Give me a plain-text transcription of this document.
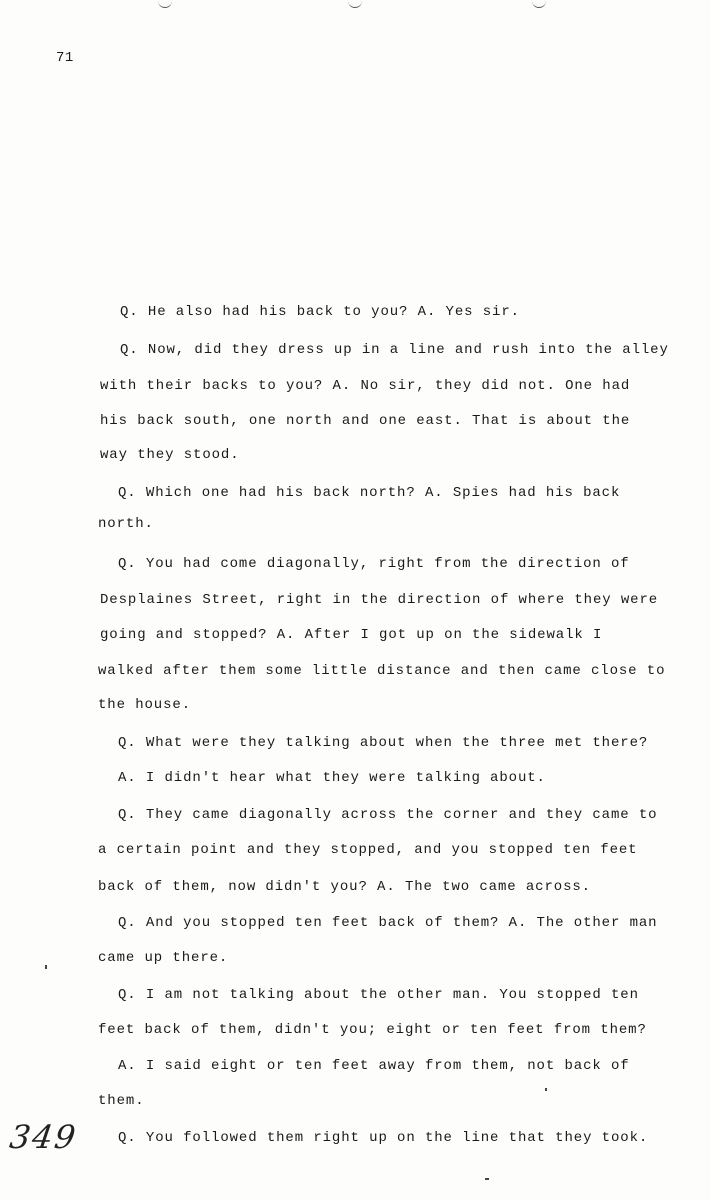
71
Q. He also had his back to you? A. Yes sir.
Q. Now, did they dress up in a line and rush into the alley
with their backs to you? A. No sir, they did not. One had
his back south, one north and one east. That is about the
way they stood.
Q. Which one had his back north? A. Spies had his back
north.
Q. You had come diagonally, right from the direction of
Desplaines Street, right in the direction of where they were
going and stopped? A. After I got up on the sidewalk I
walked after them some little distance and then came close to
the house.
Q. What were they talking about when the three met there?
A. I didn't hear what they were talking about.
Q. They came diagonally across the corner and they came to
a certain point and they stopped, and you stopped ten feet
back of them, now didn't you? A. The two came across.
Q. And you stopped ten feet back of them? A. The other man
came up there.
Q. I am not talking about the other man. You stopped ten
feet back of them, didn't you; eight or ten feet from them?
A. I said eight or ten feet away from them, not back of
them.
Q. You followed them right up on the line that they took.
349
